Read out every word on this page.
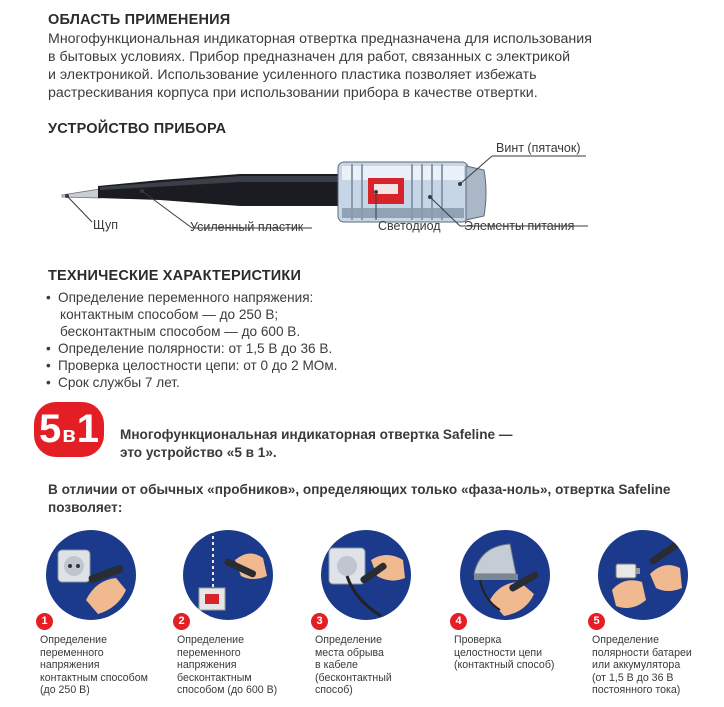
ОБЛАСТЬ ПРИМЕНЕНИЯ
Многофункциональная индикаторная отвертка предназначена для использования
в бытовых условиях. Прибор предназначен для работ, связанных с электрикой
и электроникой. Использование усиленного пластика позволяет избежать
растрескивания корпуса при использовании прибора в качестве отвертки.
УСТРОЙСТВО ПРИБОРА
Винт (пятачок)
Щуп	Усиленный пластик	Светодиод Элементы питания
ТЕХНИЧЕСКИЕ ХАРАКТЕРИСТИКИ
• Определение переменного напряжения:
контактным способом — до 250 В;
бесконтактным способом — до 600 В.
• Определение полярности: от 1,5 В до 36 В.
• Проверка целостности цепи: от 0 до 2 МОм.
• Срок службы 7 лет.
5 в 1 Многофункциональная индикаторная отвертка Safeline —
это устройство «5 в 1».
В отличии от обычных «пробников», определяющих только «фаза-ноль», отвертка Safeline
позволяет:
1
Определение
переменного
напряжения
контактным способом
(до 250 В)
2
Определение
переменного
напряжения
бесконтактным
способом (до 600 В)
3
Определение
места обрыва
в кабеле
(бесконтактный
способ)
4
Проверка
целостности цепи
(контактный способ)
5
Определение
полярности батареи
или аккумулятора
(от 1,5 В до 36 В
постоянного тока)
